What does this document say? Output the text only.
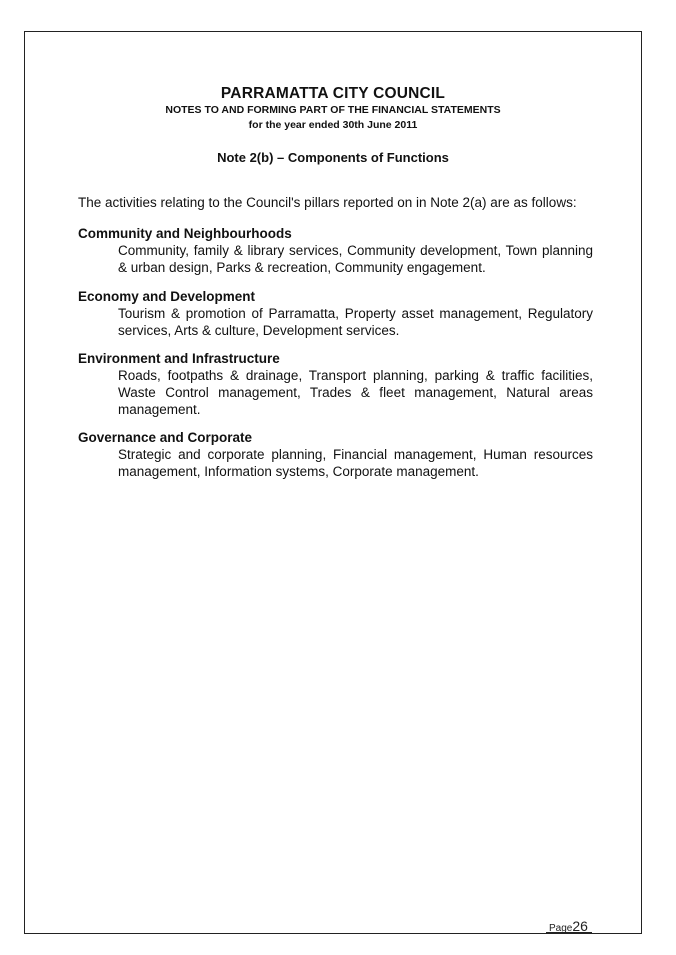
PARRAMATTA CITY COUNCIL
NOTES TO AND FORMING PART OF THE FINANCIAL STATEMENTS
for the year ended 30th June 2011
Note 2(b) – Components of Functions
The activities relating to the Council's pillars reported on in Note 2(a) are as follows:
Community and Neighbourhoods
Community, family & library services, Community development, Town planning & urban design, Parks & recreation, Community engagement.
Economy and Development
Tourism & promotion of Parramatta, Property asset management, Regulatory services, Arts & culture, Development services.
Environment and Infrastructure
Roads, footpaths & drainage, Transport planning, parking & traffic facilities, Waste Control management, Trades & fleet management, Natural areas management.
Governance and Corporate
Strategic and corporate planning, Financial management, Human resources management, Information systems, Corporate management.
Page26
